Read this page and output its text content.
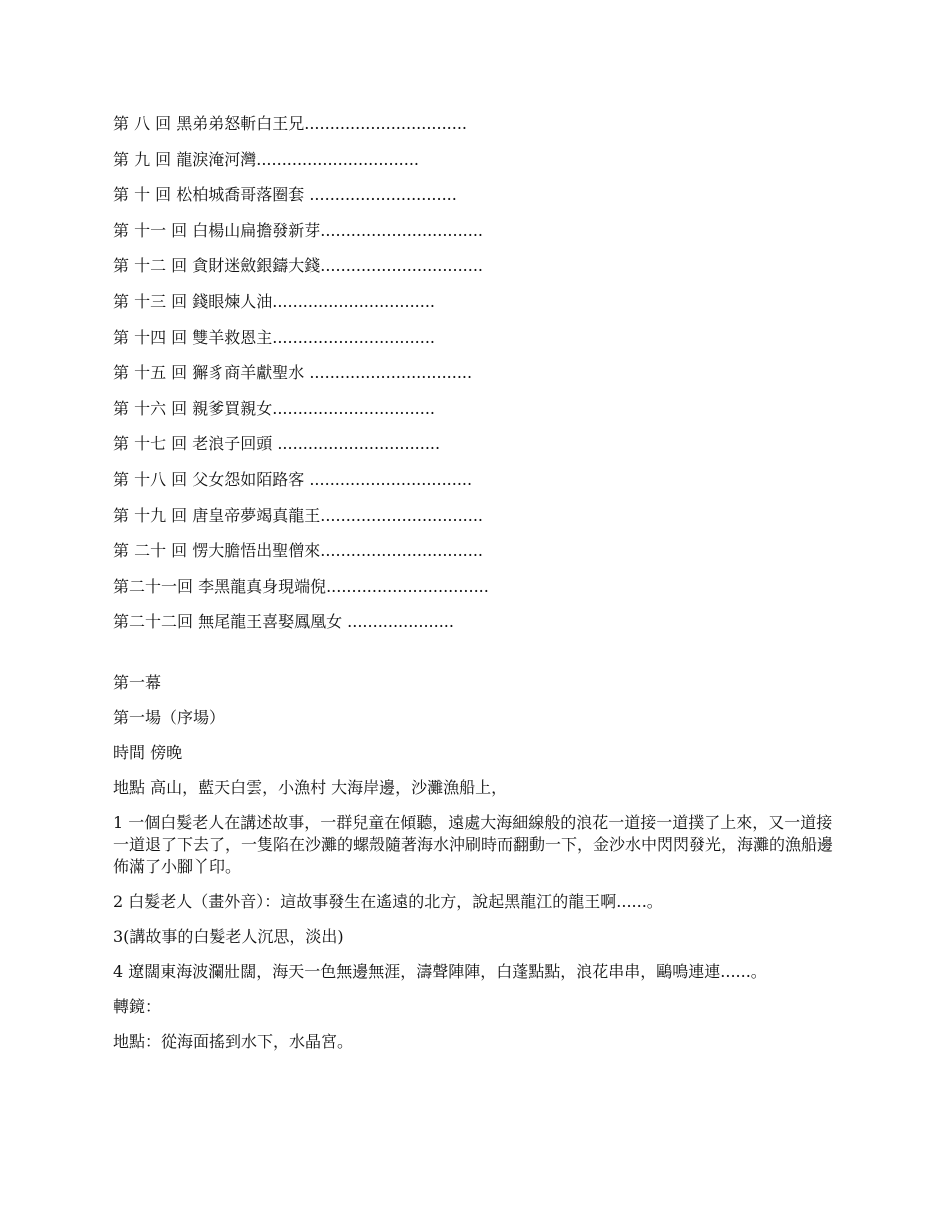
第 八 回 黑弟弟怒斬白王兄................................
第 九 回 龍淚淹河灣................................
第 十 回 松柏城喬哥落圈套 .............................
第 十一 回 白楊山扁擔發新芽................................
第 十二 回 貪財迷斂銀鑄大錢................................
第 十三 回 錢眼煉人油................................
第 十四 回 雙羊救恩主................................
第 十五 回 獬豸商羊獻聖水 ................................
第 十六 回 親爹買親女................................
第 十七 回 老浪子回頭 ................................
第 十八 回 父女怨如陌路客 ................................
第 十九 回 唐皇帝夢竭真龍王................................
第 二十 回 愣大膽悟出聖僧來................................
第二十一回 李黑龍真身現端倪................................
第二十二回 無尾龍王喜娶鳳凰女 .....................

第一幕

第一場（序場）

時間 傍晚

地點 高山，藍天白雲，小漁村 大海岸邊，沙灘漁船上，

1 一個白髮老人在講述故事，一群兒童在傾聽，遠處大海細線般的浪花一道接一道撲了上來，又一道接一道退了下去了，一隻陷在沙灘的螺殼隨著海水沖刷時而翻動一下，金沙水中閃閃發光，海灘的漁船邊佈滿了小腳丫印。

2 白髮老人（畫外音）：這故事發生在遙遠的北方，說起黑龍江的龍王啊......。

3(講故事的白髮老人沉思，淡出)

4 遼闊東海波瀾壯闊，海天一色無邊無涯，濤聲陣陣，白蓬點點，浪花串串，鷗鳴連連......。

轉鏡：

地點：從海面搖到水下，水晶宮。
